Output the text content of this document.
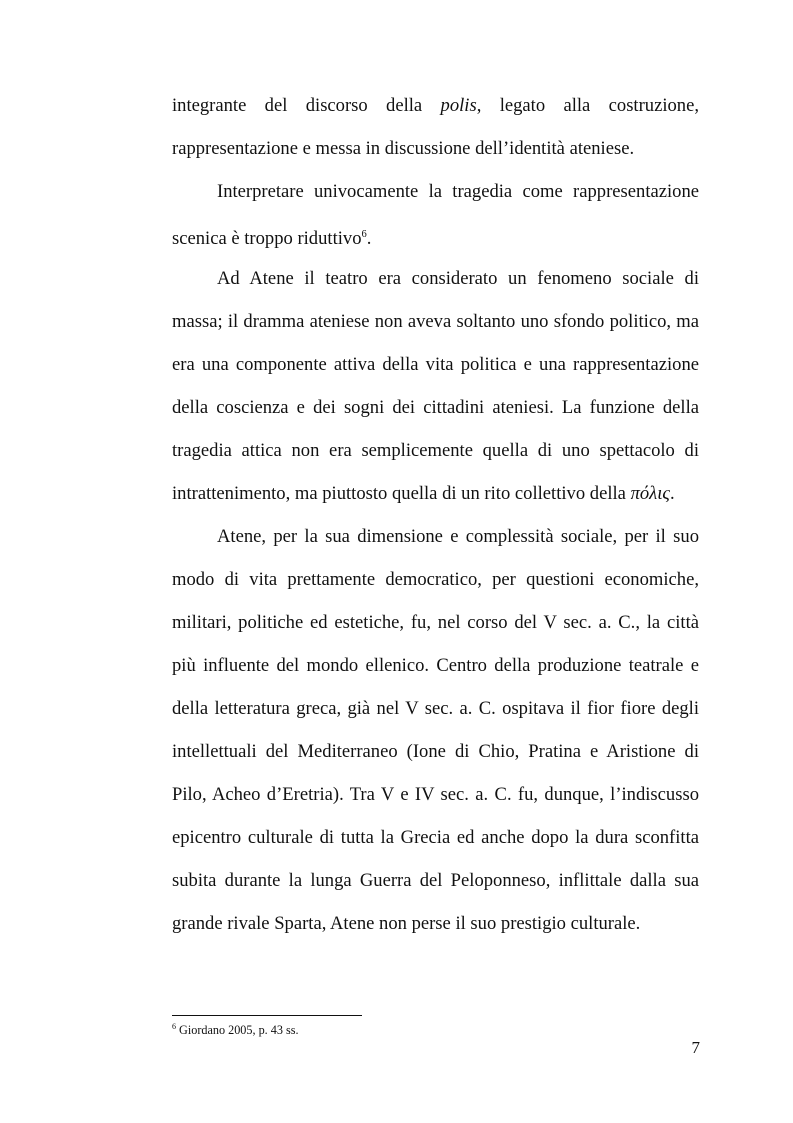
integrante del discorso della polis, legato alla costruzione,
rappresentazione e messa in discussione dell’identità ateniese.
Interpretare univocamente la tragedia come rappresentazione
scenica è troppo riduttivo$^6$.
Ad Atene il teatro era considerato un fenomeno sociale di
massa; il dramma ateniese non aveva soltanto uno sfondo politico, ma
era una componente attiva della vita politica e una rappresentazione
della coscienza e dei sogni dei cittadini ateniesi. La funzione della
tragedia attica non era semplicemente quella di uno spettacolo di
intrattenimento, ma piuttosto quella di un rito collettivo della πόλις.
Atene, per la sua dimensione e complessità sociale, per il suo
modo di vita prettamente democratico, per questioni economiche,
militari, politiche ed estetiche, fu, nel corso del V sec. a. C., la città
più influente del mondo ellenico. Centro della produzione teatrale e
della letteratura greca, già nel V sec. a. C. ospitava il fior fiore degli
intellettuali del Mediterraneo (Ione di Chio, Pratina e Aristione di
Pilo, Acheo d’Eretria). Tra V e IV sec. a. C. fu, dunque, l’indiscusso
epicentro culturale di tutta la Grecia ed anche dopo la dura sconfitta
subita durante la lunga Guerra del Peloponneso, inflittale dalla sua
grande rivale Sparta, Atene non perse il suo prestigio culturale.
$^6$ Giordano 2005, p. 43 ss.
7
